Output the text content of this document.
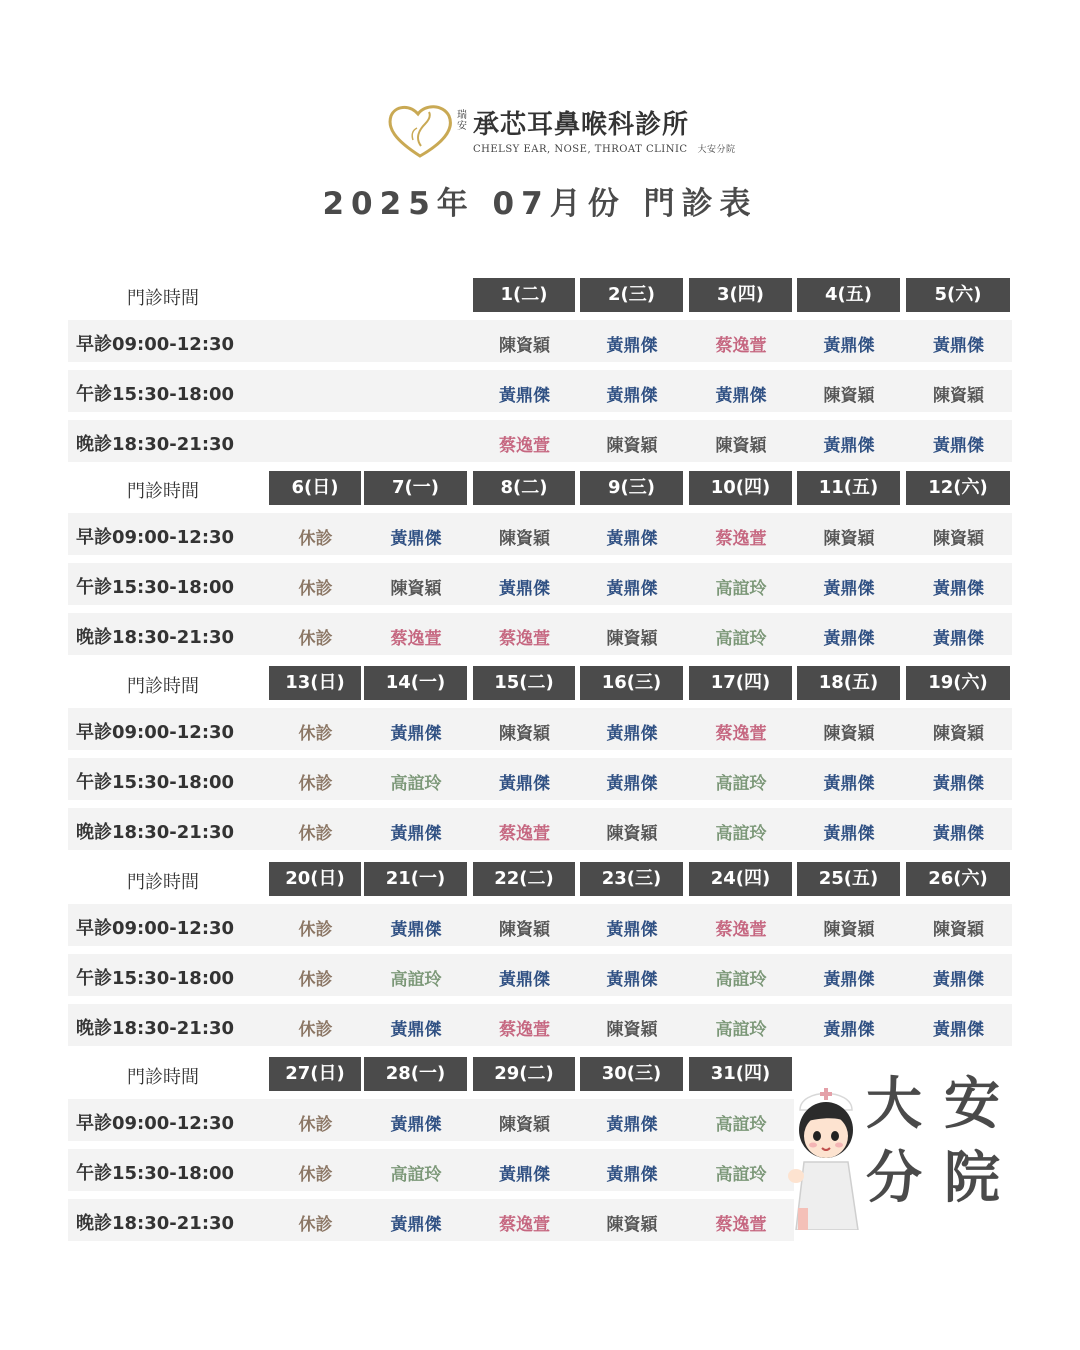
瑞安 承芯耳鼻喉科診所
CHELSY EAR, NOSE, THROAT CLINIC 大安分院
2025年 07月份 門診表
門診時間	1(二)	2(三)	3(四)	4(五)	5(六)
早診09:00-12:30	陳資穎	黃鼎傑	蔡逸萱	黃鼎傑	黃鼎傑
午診15:30-18:00	黃鼎傑	黃鼎傑	黃鼎傑	陳資穎	陳資穎
晚診18:30-21:30	蔡逸萱	陳資穎	陳資穎	黃鼎傑	黃鼎傑
門診時間	6(日)	7(一)	8(二)	9(三)	10(四)	11(五)	12(六)
早診09:00-12:30	休診	黃鼎傑	陳資穎	黃鼎傑	蔡逸萱	陳資穎	陳資穎
午診15:30-18:00	休診	陳資穎	黃鼎傑	黃鼎傑	高誼玲	黃鼎傑	黃鼎傑
晚診18:30-21:30	休診	蔡逸萱	蔡逸萱	陳資穎	高誼玲	黃鼎傑	黃鼎傑
門診時間	13(日)	14(一)	15(二)	16(三)	17(四)	18(五)	19(六)
早診09:00-12:30	休診	黃鼎傑	陳資穎	黃鼎傑	蔡逸萱	陳資穎	陳資穎
午診15:30-18:00	休診	高誼玲	黃鼎傑	黃鼎傑	高誼玲	黃鼎傑	黃鼎傑
晚診18:30-21:30	休診	黃鼎傑	蔡逸萱	陳資穎	高誼玲	黃鼎傑	黃鼎傑
門診時間	20(日)	21(一)	22(二)	23(三)	24(四)	25(五)	26(六)
早診09:00-12:30	休診	黃鼎傑	陳資穎	黃鼎傑	蔡逸萱	陳資穎	陳資穎
午診15:30-18:00	休診	高誼玲	黃鼎傑	黃鼎傑	高誼玲	黃鼎傑	黃鼎傑
晚診18:30-21:30	休診	黃鼎傑	蔡逸萱	陳資穎	高誼玲	黃鼎傑	黃鼎傑
門診時間	27(日)	28(一)	29(二)	30(三)	31(四)
早診09:00-12:30	休診	黃鼎傑	陳資穎	黃鼎傑	高誼玲
午診15:30-18:00	休診	高誼玲	黃鼎傑	黃鼎傑	高誼玲
晚診18:30-21:30	休診	黃鼎傑	蔡逸萱	陳資穎	蔡逸萱
大安分院
